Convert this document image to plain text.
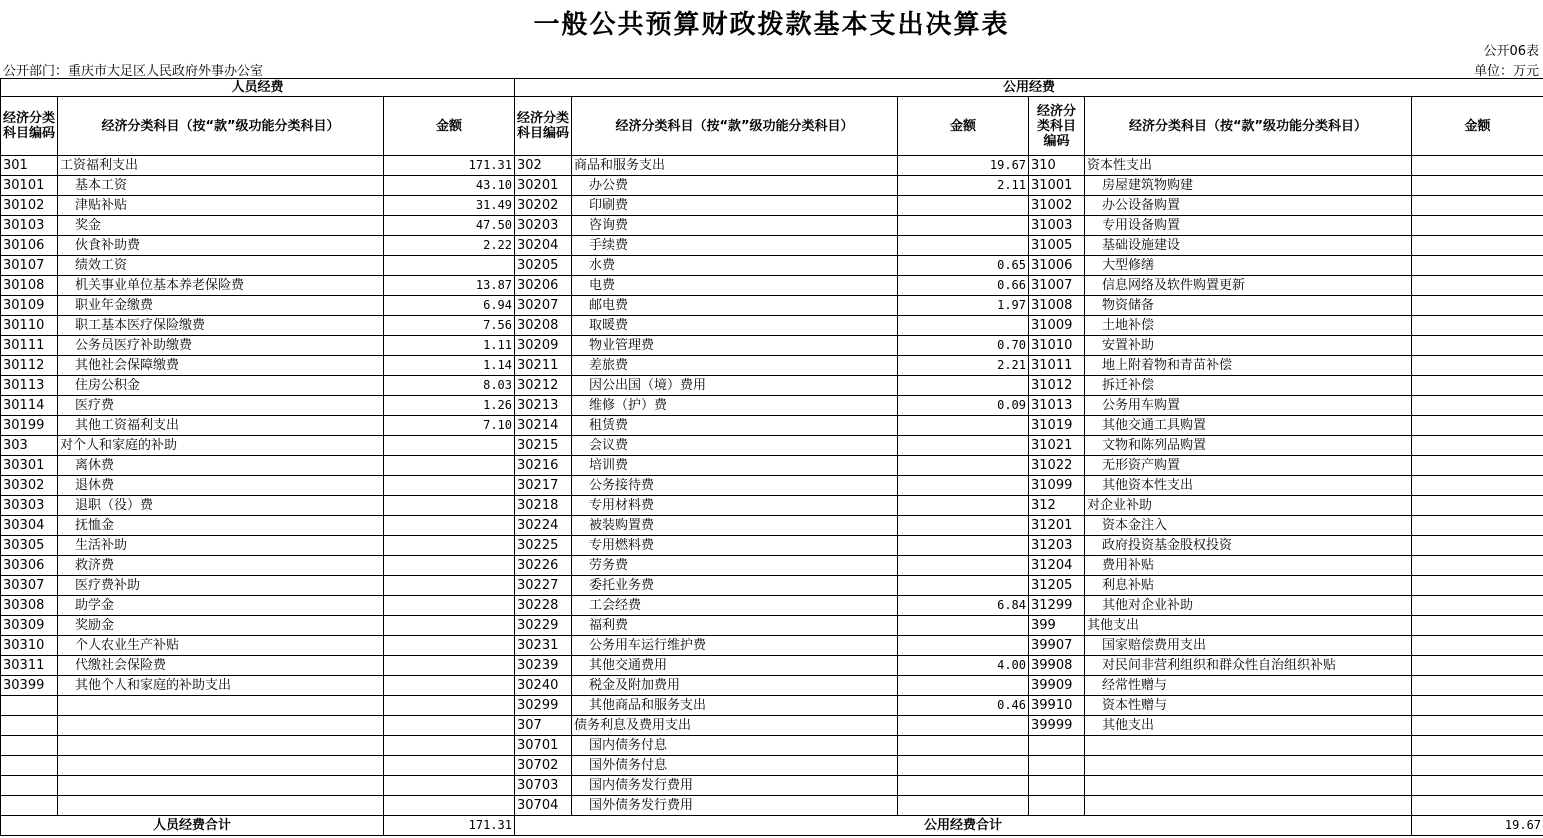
一般公共预算财政拨款基本支出决算表
公开06表
公开部门：重庆市大足区人民政府外事办公室	单位：万元
人员经费			公用经费					
经济分类科目编码	经济分类科目（按“款”级功能分类科目）	金额	经济分类科目编码	经济分类科目（按“款”级功能分类科目）	金额	经济分类科目编码	经济分类科目（按“款”级功能分类科目）	金额
301	工资福利支出	171.31	302	商品和服务支出	19.67	310	资本性支出	
30101	基本工资	43.10	30201	办公费	2.11	31001	房屋建筑物购建	
30102	津贴补贴	31.49	30202	印刷费		31002	办公设备购置	
30103	奖金	47.50	30203	咨询费		31003	专用设备购置	
30106	伙食补助费	2.22	30204	手续费		31005	基础设施建设	
30107	绩效工资		30205	水费	0.65	31006	大型修缮	
30108	机关事业单位基本养老保险费	13.87	30206	电费	0.66	31007	信息网络及软件购置更新	
30109	职业年金缴费	6.94	30207	邮电费	1.97	31008	物资储备	
30110	职工基本医疗保险缴费	7.56	30208	取暖费		31009	土地补偿	
30111	公务员医疗补助缴费	1.11	30209	物业管理费	0.70	31010	安置补助	
30112	其他社会保障缴费	1.14	30211	差旅费	2.21	31011	地上附着物和青苗补偿	
30113	住房公积金	8.03	30212	因公出国（境）费用		31012	拆迁补偿	
30114	医疗费	1.26	30213	维修（护）费	0.09	31013	公务用车购置	
30199	其他工资福利支出	7.10	30214	租赁费		31019	其他交通工具购置	
303	对个人和家庭的补助		30215	会议费		31021	文物和陈列品购置	
30301	离休费		30216	培训费		31022	无形资产购置	
30302	退休费		30217	公务接待费		31099	其他资本性支出	
30303	退职（役）费		30218	专用材料费		312	对企业补助	
30304	抚恤金		30224	被装购置费		31201	资本金注入	
30305	生活补助		30225	专用燃料费		31203	政府投资基金股权投资	
30306	救济费		30226	劳务费		31204	费用补贴	
30307	医疗费补助		30227	委托业务费		31205	利息补贴	
30308	助学金		30228	工会经费	6.84	31299	其他对企业补助	
30309	奖励金		30229	福利费		399	其他支出	
30310	个人农业生产补贴		30231	公务用车运行维护费		39907	国家赔偿费用支出	
30311	代缴社会保险费		30239	其他交通费用	4.00	39908	对民间非营利组织和群众性自治组织补贴	
30399	其他个人和家庭的补助支出		30240	税金及附加费用		39909	经常性赠与	
			30299	其他商品和服务支出	0.46	39910	资本性赠与	
			307	债务利息及费用支出		39999	其他支出	
			30701	国内债务付息				
			30702	国外债务付息				
			30703	国内债务发行费用				
			30704	国外债务发行费用				
人员经费合计		171.31	公用经费合计					19.67
